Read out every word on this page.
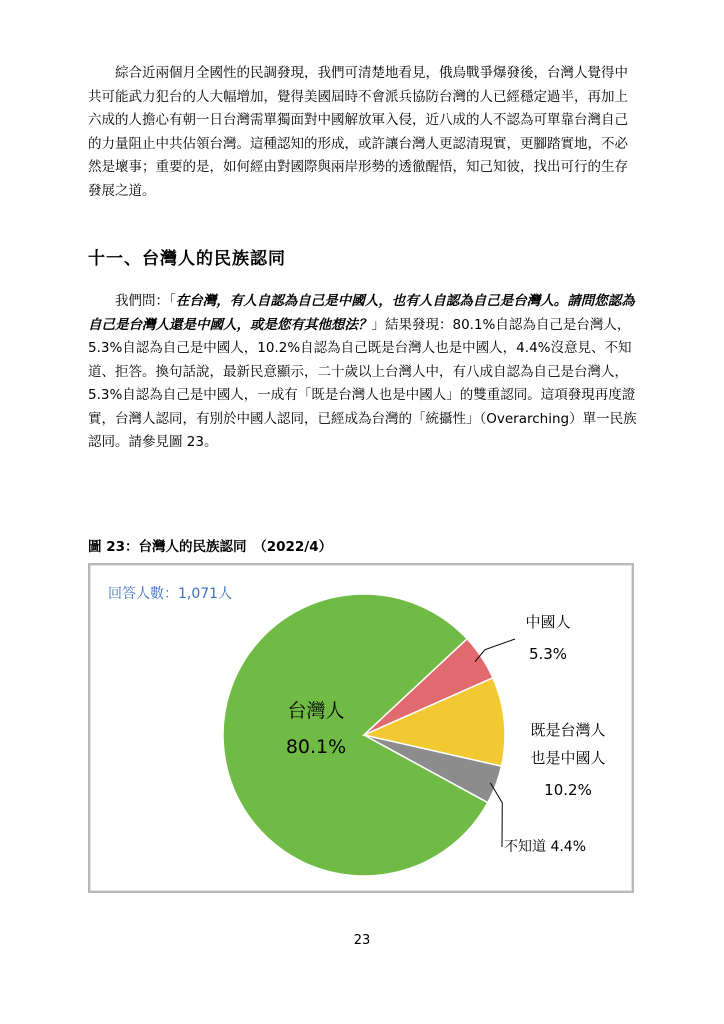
綜合近兩個月全國性的民調發現，我們可清楚地看見，俄烏戰爭爆發後，台灣人覺得中共可能武力犯台的人大幅增加，覺得美國屆時不會派兵協防台灣的人已經穩定過半，再加上六成的人擔心有朝一日台灣需單獨面對中國解放軍入侵，近八成的人不認為可單靠台灣自己的力量阻止中共佔領台灣。這種認知的形成，或許讓台灣人更認清現實，更腳踏實地，不必然是壞事；重要的是，如何經由對國際與兩岸形勢的透徹醒悟，知己知彼，找出可行的生存發展之道。

十一、台灣人的民族認同

我們問：「在台灣，有人自認為自己是中國人，也有人自認為自己是台灣人。請問您認為自己是台灣人還是中國人，或是您有其他想法？」結果發現：80.1%自認為自己是台灣人，5.3%自認為自己是中國人，10.2%自認為自己既是台灣人也是中國人，4.4%沒意見、不知道、拒答。換句話說，最新民意顯示，二十歲以上台灣人中，有八成自認為自己是台灣人，5.3%自認為自己是中國人，一成有「既是台灣人也是中國人」的雙重認同。這項發現再度證實，台灣人認同，有別於中國人認同，已經成為台灣的「統攝性」（Overarching）單一民族認同。請參見圖 23。

圖 23：台灣人的民族認同　（2022/4）

回答人數：1,071人
台灣人
80.1%
中國人
5.3%
既是台灣人
也是中國人
10.2%
不知道 4.4%
23
